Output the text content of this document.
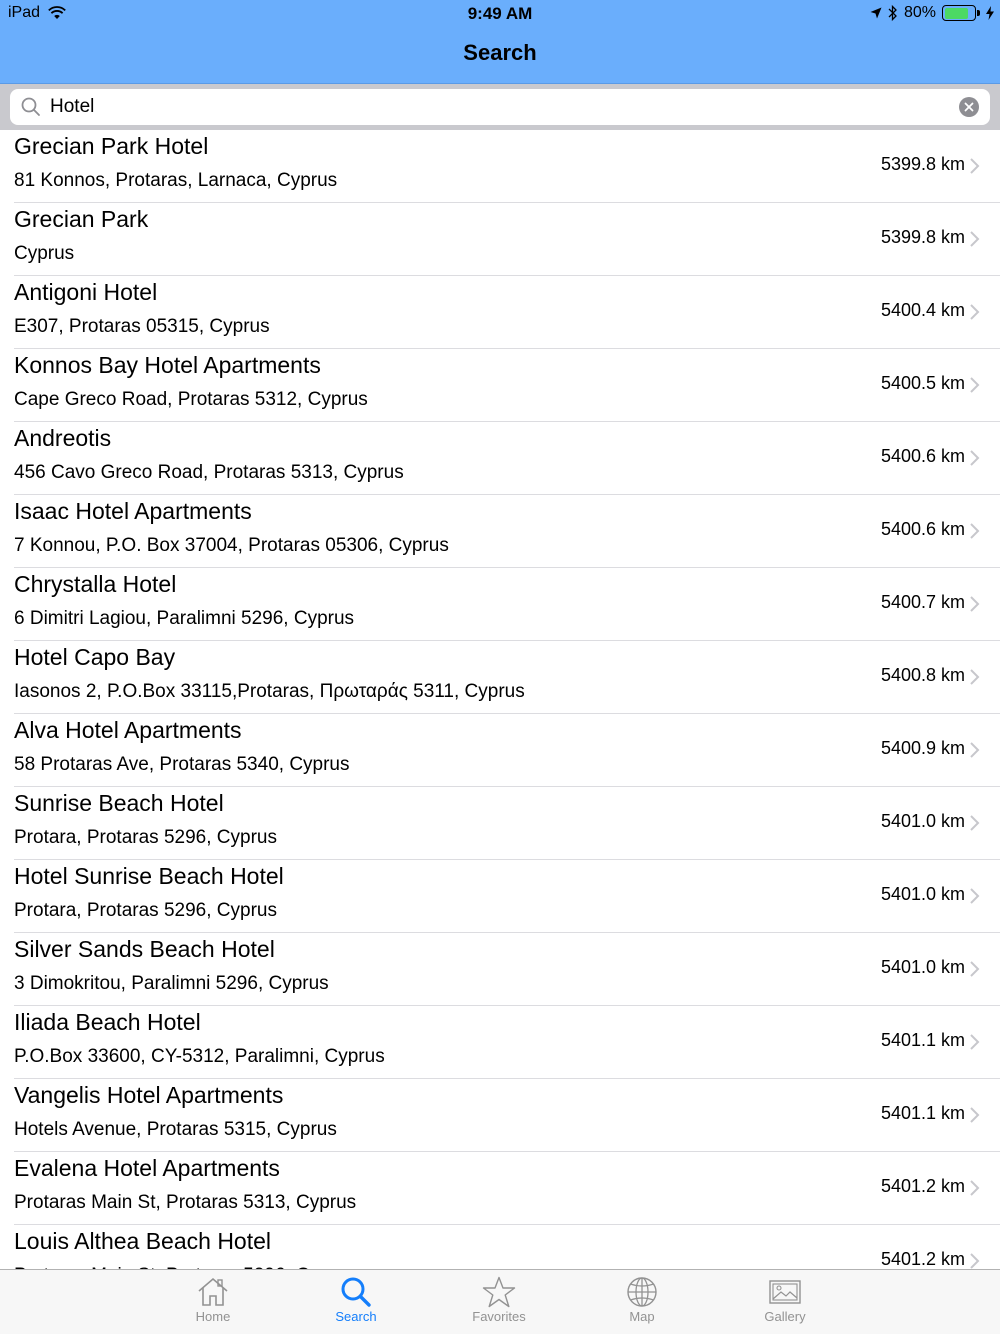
iPad	9:49 AM	80%
Search
Hotel
Grecian Park Hotel
81 Konnos, Protaras, Larnaca, Cyprus
5399.8 km
Grecian Park
Cyprus
5399.8 km
Antigoni Hotel
E307, Protaras 05315, Cyprus
5400.4 km
Konnos Bay Hotel Apartments
Cape Greco Road, Protaras 5312, Cyprus
5400.5 km
Andreotis
456 Cavo Greco Road, Protaras 5313, Cyprus
5400.6 km
Isaac Hotel Apartments
7 Konnou, P.O. Box 37004, Protaras 05306, Cyprus
5400.6 km
Chrystalla Hotel
6 Dimitri Lagiou, Paralimni 5296, Cyprus
5400.7 km
Hotel Capo Bay
Iasonos 2, P.O.Box 33115,Protaras, Πρωταράς 5311, Cyprus
5400.8 km
Alva Hotel Apartments
58 Protaras Ave, Protaras 5340, Cyprus
5400.9 km
Sunrise Beach Hotel
Protara, Protaras 5296, Cyprus
5401.0 km
Hotel Sunrise Beach Hotel
Protara, Protaras 5296, Cyprus
5401.0 km
Silver Sands Beach Hotel
3 Dimokritou, Paralimni 5296, Cyprus
5401.0 km
Iliada Beach Hotel
P.O.Box 33600, CY-5312, Paralimni, Cyprus
5401.1 km
Vangelis Hotel Apartments
Hotels Avenue, Protaras 5315, Cyprus
5401.1 km
Evalena Hotel Apartments
Protaras Main St, Protaras 5313, Cyprus
5401.2 km
Louis Althea Beach Hotel
5401.2 km
Home	Search	Favorites	Map	Gallery
